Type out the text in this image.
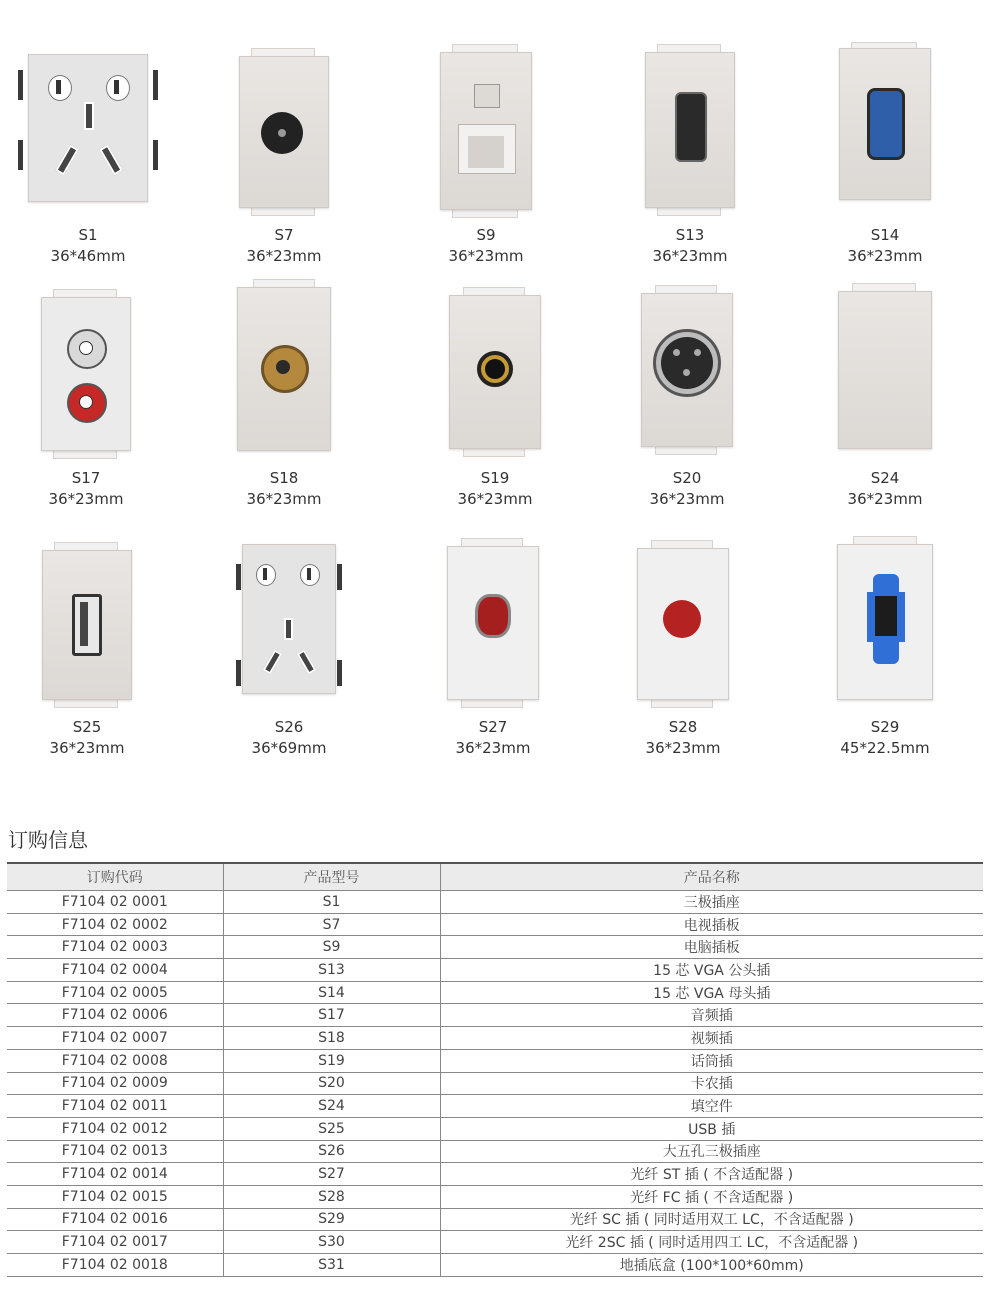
S1
36*46mm
S7
36*23mm
S9
36*23mm
S13
36*23mm
S14
36*23mm
S17
36*23mm
S18
36*23mm
S19
36*23mm
S20
36*23mm
S24
36*23mm
S25
36*23mm
S26
36*69mm
S27
36*23mm
S28
36*23mm
S29
45*22.5mm
订购信息
订购代码	产品型号	产品名称
F7104 02 0001	S1	三极插座
F7104 02 0002	S7	电视插板
F7104 02 0003	S9	电脑插板
F7104 02 0004	S13	15 芯 VGA 公头插
F7104 02 0005	S14	15 芯 VGA 母头插
F7104 02 0006	S17	音频插
F7104 02 0007	S18	视频插
F7104 02 0008	S19	话筒插
F7104 02 0009	S20	卡农插
F7104 02 0011	S24	填空件
F7104 02 0012	S25	USB 插
F7104 02 0013	S26	大五孔三极插座
F7104 02 0014	S27	光纤 ST 插 ( 不含适配器 )
F7104 02 0015	S28	光纤 FC 插 ( 不含适配器 )
F7104 02 0016	S29	光纤 SC 插 ( 同时适用双工 LC，不含适配器 )
F7104 02 0017	S30	光纤 2SC 插 ( 同时适用四工 LC，不含适配器 )
F7104 02 0018	S31	地插底盒 (100*100*60mm)
